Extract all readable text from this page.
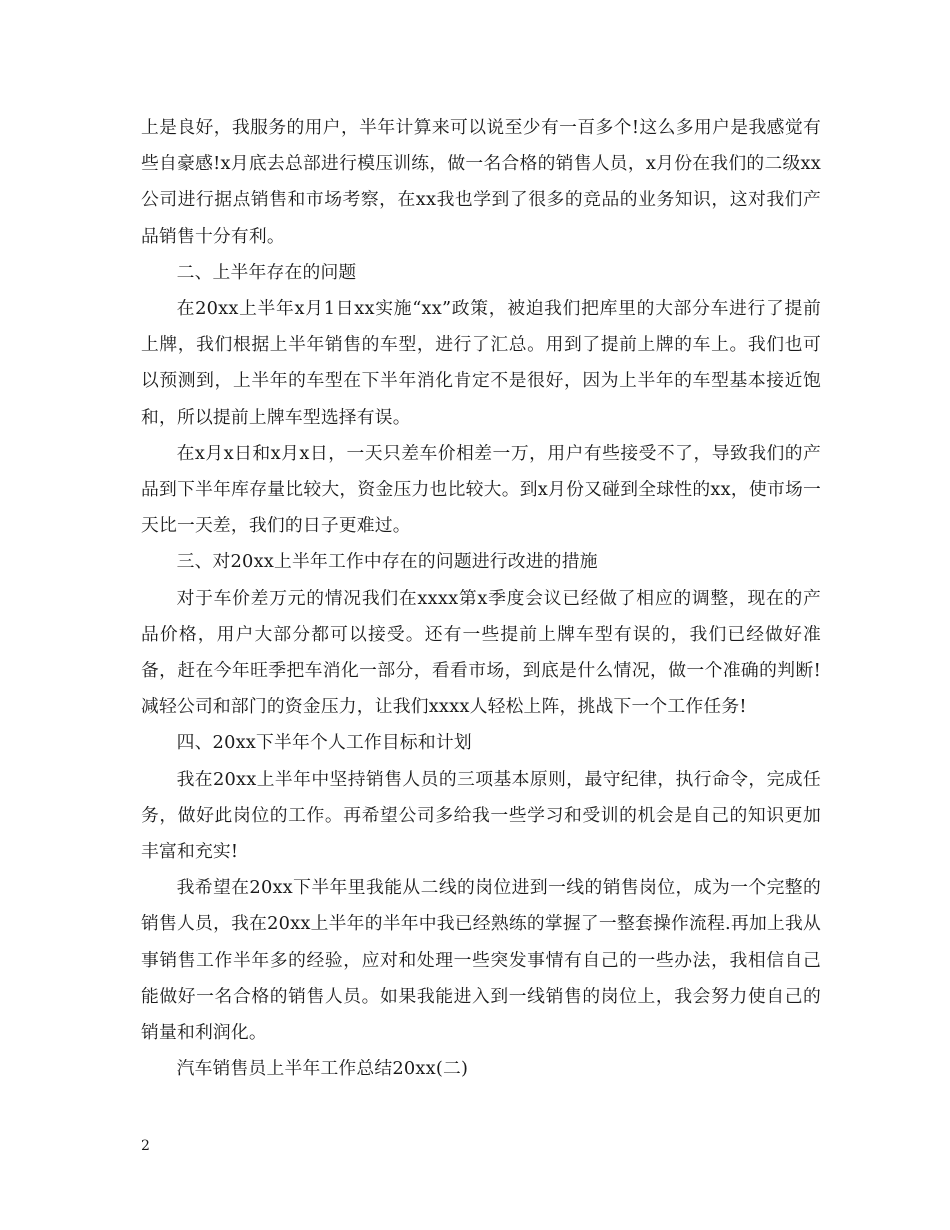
上是良好，我服务的用户，半年计算来可以说至少有一百多个!这么多用户是我感觉有些自豪感!x月底去总部进行模压训练，做一名合格的销售人员，x月份在我们的二级xx公司进行据点销售和市场考察，在xx我也学到了很多的竞品的业务知识，这对我们产品销售十分有利。

二、上半年存在的问题

在20xx上半年x月1日xx实施“xx”政策，被迫我们把库里的大部分车进行了提前上牌，我们根据上半年销售的车型，进行了汇总。用到了提前上牌的车上。我们也可以预测到，上半年的车型在下半年消化肯定不是很好，因为上半年的车型基本接近饱和，所以提前上牌车型选择有误。

在x月x日和x月x日，一天只差车价相差一万，用户有些接受不了，导致我们的产品到下半年库存量比较大，资金压力也比较大。到x月份又碰到全球性的xx，使市场一天比一天差，我们的日子更难过。

三、对20xx上半年工作中存在的问题进行改进的措施

对于车价差万元的情况我们在xxxx第x季度会议已经做了相应的调整，现在的产品价格，用户大部分都可以接受。还有一些提前上牌车型有误的，我们已经做好准备，赶在今年旺季把车消化一部分，看看市场，到底是什么情况，做一个准确的判断!减轻公司和部门的资金压力，让我们xxxx人轻松上阵，挑战下一个工作任务!

四、20xx下半年个人工作目标和计划

我在20xx上半年中坚持销售人员的三项基本原则，最守纪律，执行命令，完成任务，做好此岗位的工作。再希望公司多给我一些学习和受训的机会是自己的知识更加丰富和充实!

我希望在20xx下半年里我能从二线的岗位进到一线的销售岗位，成为一个完整的销售人员，我在20xx上半年的半年中我已经熟练的掌握了一整套操作流程.再加上我从事销售工作半年多的经验，应对和处理一些突发事情有自己的一些办法，我相信自己能做好一名合格的销售人员。如果我能进入到一线销售的岗位上，我会努力使自己的销量和利润化。

汽车销售员上半年工作总结20xx(二)

2
